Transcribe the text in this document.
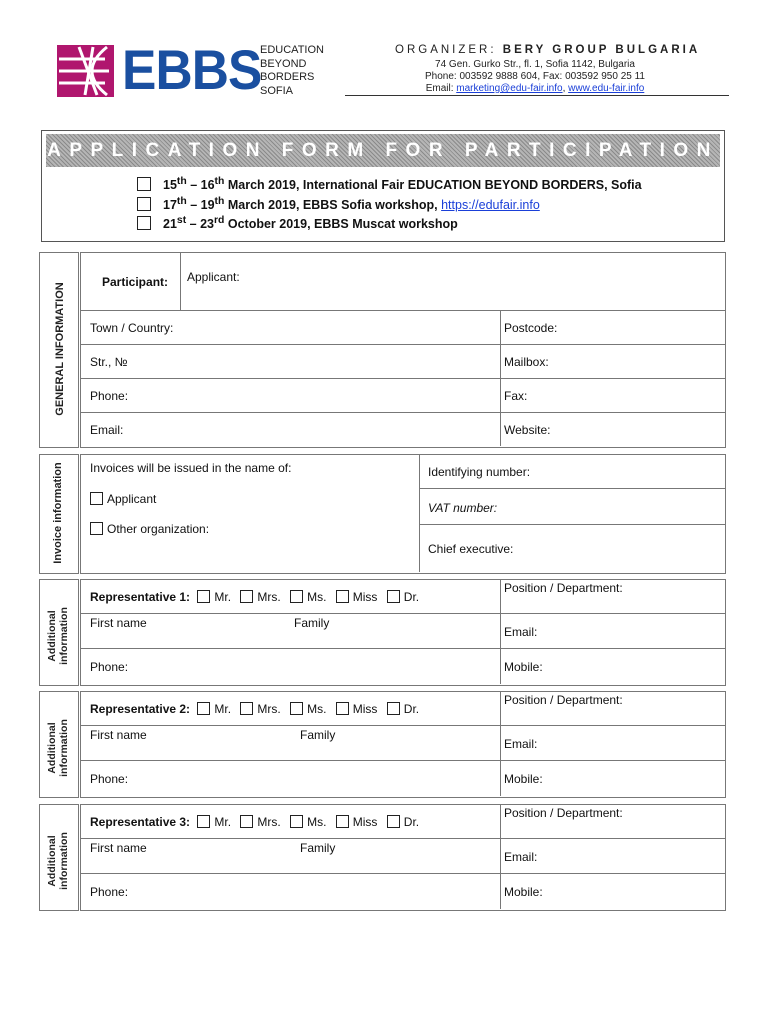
EBBS
EDUCATION
BEYOND
BORDERS
SOFIA
ORGANIZER: BERY GROUP BULGARIA
74 Gen. Gurko Str., fl. 1, Sofia 1142, Bulgaria
Phone: 003592 9888 604, Fax: 003592 950 25 11
Email: marketing@edu-fair.info, www.edu-fair.info
APPLICATION FORM FOR PARTICIPATION
15th – 16th March 2019, International Fair EDUCATION BEYOND BORDERS, Sofia
17th – 19th March 2019, EBBS Sofia workshop, https://edufair.info
21st – 23rd October 2019, EBBS Muscat workshop
GENERAL INFORMATION
Participant: Applicant:
Town / Country:	Postcode:
Str., №	Mailbox:
Phone:	Fax:
Email:	Website:
Invoice information Invoices will be issued in the name of:
Applicant
Other organization:
Identifying number:
VAT number:
Chief executive:
Additional information
Representative 1: Mr. Mrs. Ms. Miss Dr.
Position / Department:
First name	Family
Email:
Phone:	Mobile:
Additional information
Representative 2: Mr. Mrs. Ms. Miss Dr.
Position / Department:
First name	Family
Email:
Phone:	Mobile:
Additional information
Representative 3: Mr. Mrs. Ms. Miss Dr.
Position / Department:
First name	Family
Email:
Phone:	Mobile:
